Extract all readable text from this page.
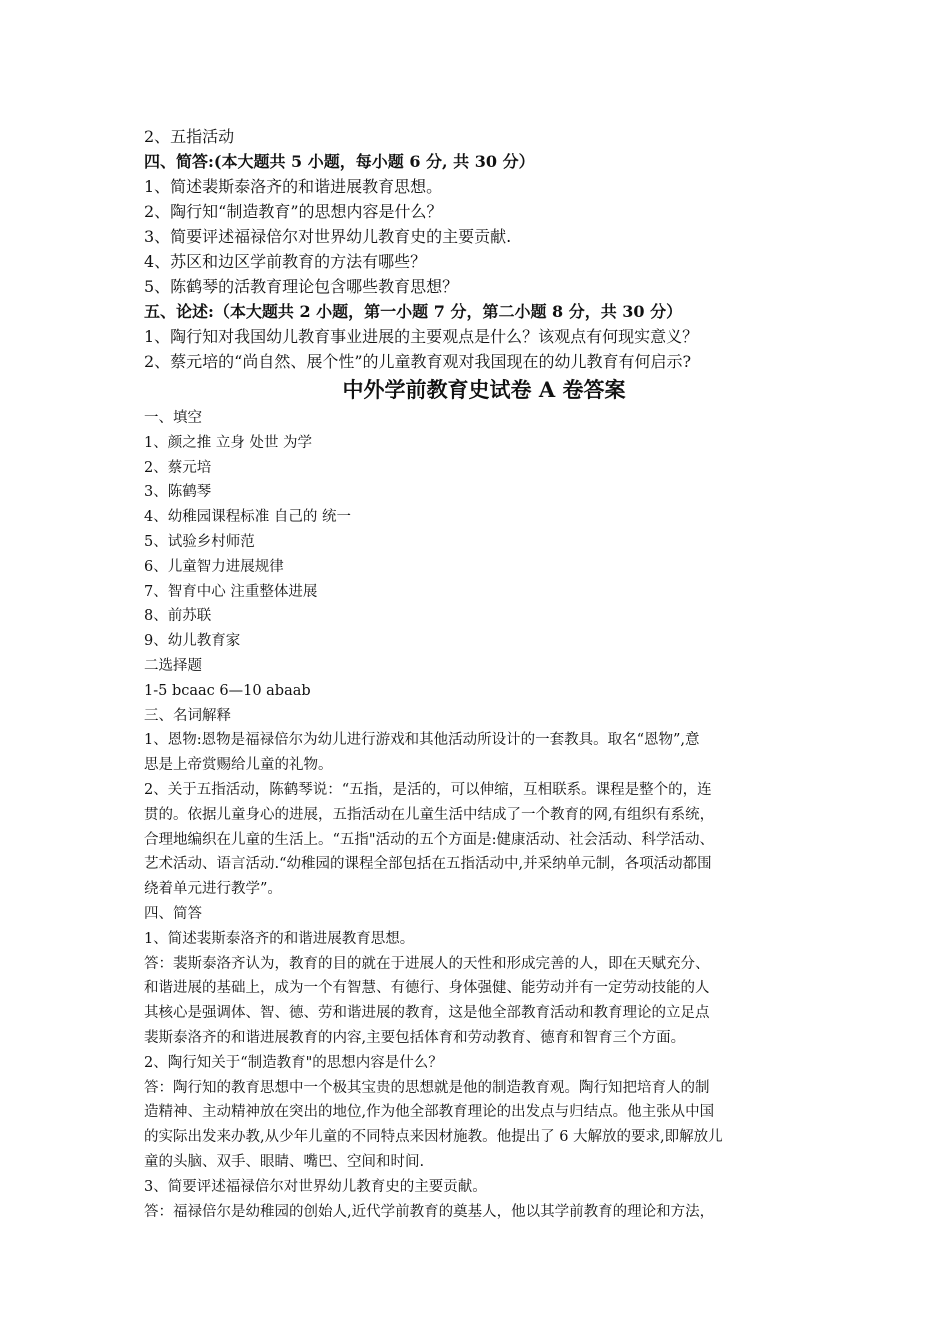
2、五指活动
四、简答:(本大题共 5 小题，每小题 6 分, 共 30 分）
1、简述裴斯泰洛齐的和谐进展教育思想。
2、陶行知“制造教育”的思想内容是什么？
3、简要评述福禄倍尔对世界幼儿教育史的主要贡献.
4、苏区和边区学前教育的方法有哪些？
5、陈鹤琴的活教育理论包含哪些教育思想？
五、论述:（本大题共 2 小题，第一小题 7 分，第二小题 8 分，共 30 分）
1、陶行知对我国幼儿教育事业进展的主要观点是什么？该观点有何现实意义？
2、蔡元培的“尚自然、展个性”的儿童教育观对我国现在的幼儿教育有何启示?
中外学前教育史试卷 A 卷答案
一、填空
1、颜之推 立身 处世 为学
2、蔡元培
3、陈鹤琴
4、幼稚园课程标准 自己的 统一
5、试验乡村师范
6、儿童智力进展规律
7、智育中心 注重整体进展
8、前苏联
9、幼儿教育家
二选择题
1-5 bcaac 6—10 abaab
三、名词解释
1、恩物:恩物是福禄倍尔为幼儿进行游戏和其他活动所设计的一套教具。取名“恩物”,意
思是上帝赏赐给儿童的礼物。
2、关于五指活动，陈鹤琴说：“五指，是活的，可以伸缩，互相联系。课程是整个的，连
贯的。依据儿童身心的进展，五指活动在儿童生活中结成了一个教育的网,有组织有系统，
合理地编织在儿童的生活上。“五指"活动的五个方面是:健康活动、社会活动、科学活动、
艺术活动、语言活动.“幼稚园的课程全部包括在五指活动中,并采纳单元制，各项活动都围
绕着单元进行教学”。
四、简答
1、简述裴斯泰洛齐的和谐进展教育思想。
答：裴斯泰洛齐认为，教育的目的就在于进展人的天性和形成完善的人，即在天赋充分、
和谐进展的基础上，成为一个有智慧、有德行、身体强健、能劳动并有一定劳动技能的人
其核心是强调体、智、德、劳和谐进展的教育，这是他全部教育活动和教育理论的立足点
裴斯泰洛齐的和谐进展教育的内容,主要包括体育和劳动教育、德育和智育三个方面。
2、陶行知关于“制造教育"的思想内容是什么？
答：陶行知的教育思想中一个极其宝贵的思想就是他的制造教育观。陶行知把培育人的制
造精神、主动精神放在突出的地位,作为他全部教育理论的出发点与归结点。他主张从中国
的实际出发来办教,从少年儿童的不同特点来因材施教。他提出了 6 大解放的要求,即解放儿
童的头脑、双手、眼睛、嘴巴、空间和时间.
3、简要评述福禄倍尔对世界幼儿教育史的主要贡献。
答：福禄倍尔是幼稚园的创始人,近代学前教育的奠基人，他以其学前教育的理论和方法，
